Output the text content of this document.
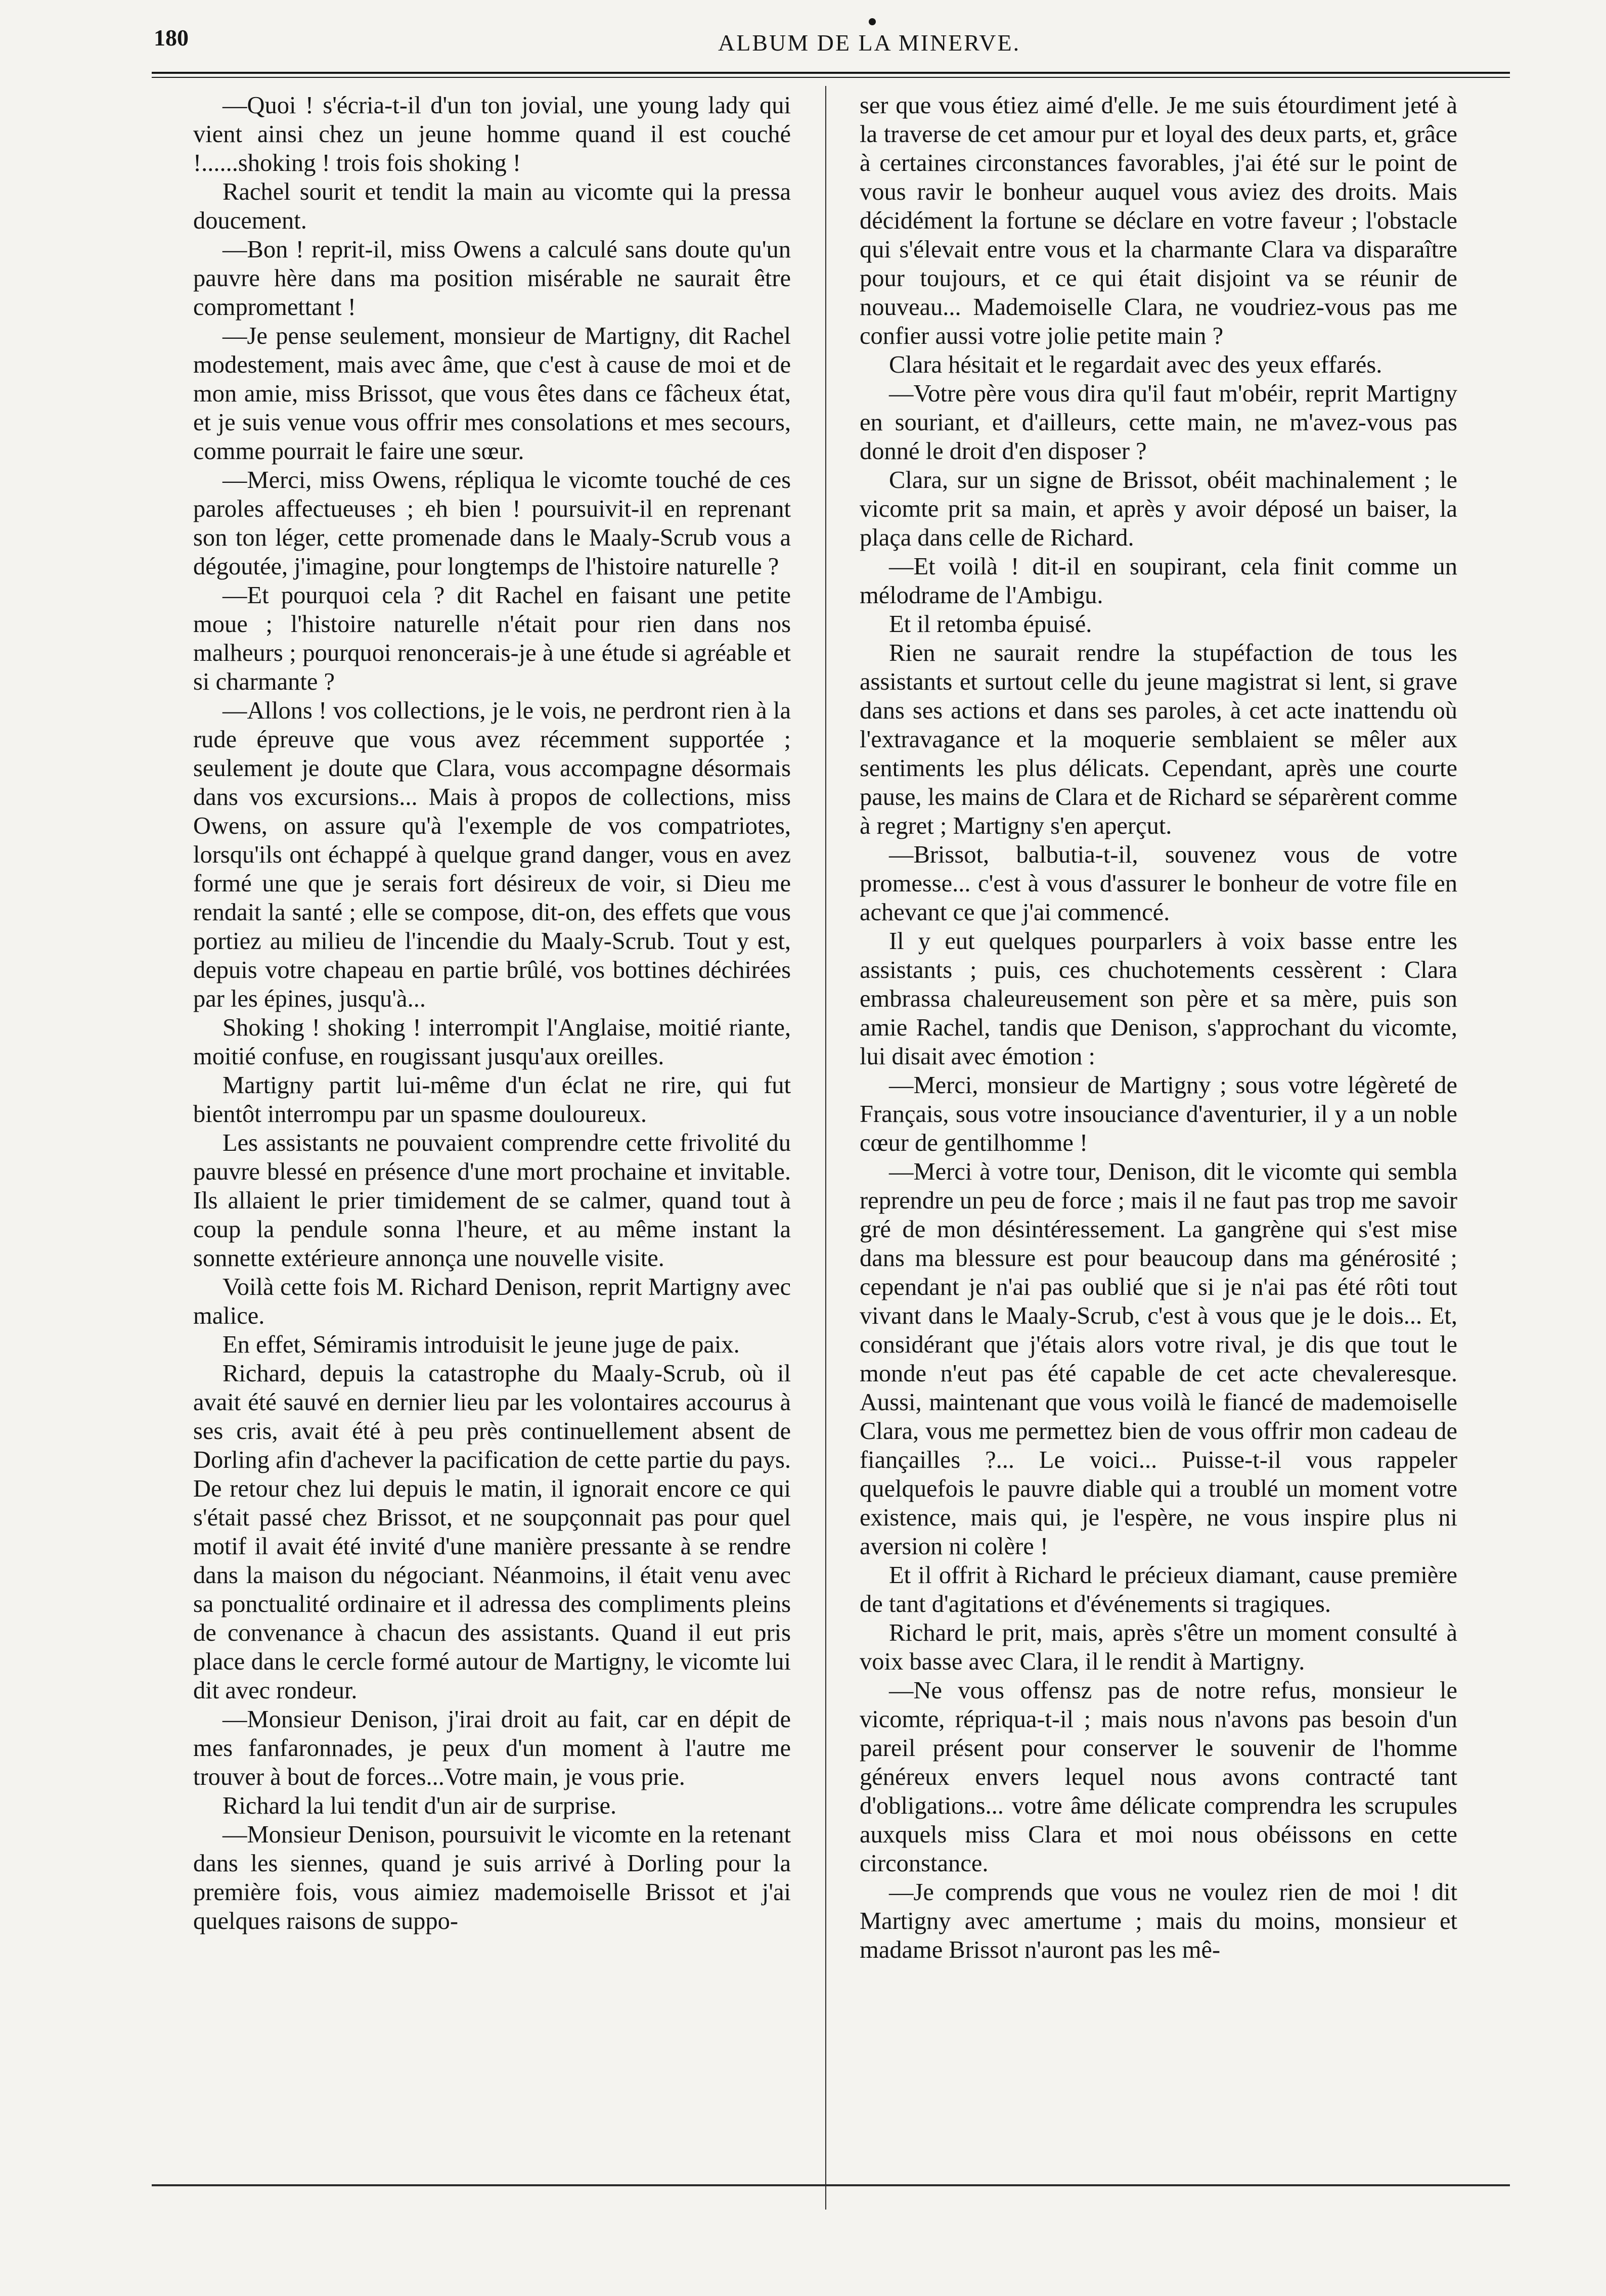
180	ALBUM DE LA MINERVE.

—Quoi ! s'écria-t-il d'un ton jovial, une young lady qui vient ainsi chez un jeune homme quand il est couché !......shoking ! trois fois shoking !

Rachel sourit et tendit la main au vicomte qui la pressa doucement.

—Bon ! reprit-il, miss Owens a calculé sans doute qu'un pauvre hère dans ma position misérable ne saurait être compromettant !

—Je pense seulement, monsieur de Martigny, dit Rachel modestement, mais avec âme, que c'est à cause de moi et de mon amie, miss Brissot, que vous êtes dans ce fâcheux état, et je suis venue vous offrir mes consolations et mes secours, comme pourrait le faire une sœur.

—Merci, miss Owens, répliqua le vicomte touché de ces paroles affectueuses ; eh bien ! poursuivit-il en reprenant son ton léger, cette promenade dans le Maaly-Scrub vous a dégoutée, j'imagine, pour longtemps de l'histoire naturelle ?

—Et pourquoi cela ? dit Rachel en faisant une petite moue ; l'histoire naturelle n'était pour rien dans nos malheurs ; pourquoi renoncerais-je à une étude si agréable et si charmante ?

—Allons ! vos collections, je le vois, ne perdront rien à la rude épreuve que vous avez récemment supportée ; seulement je doute que Clara, vous accompagne désormais dans vos excursions... Mais à propos de collections, miss Owens, on assure qu'à l'exemple de vos compatriotes, lorsqu'ils ont échappé à quelque grand danger, vous en avez formé une que je serais fort désireux de voir, si Dieu me rendait la santé ; elle se compose, dit-on, des effets que vous portiez au milieu de l'incendie du Maaly-Scrub. Tout y est, depuis votre chapeau en partie brûlé, vos bottines déchirées par les épines, jusqu'à...

Shoking ! shoking ! interrompit l'Anglaise, moitié riante, moitié confuse, en rougissant jusqu'aux oreilles.

Martigny partit lui-même d'un éclat ne rire, qui fut bientôt interrompu par un spasme douloureux.

Les assistants ne pouvaient comprendre cette frivolité du pauvre blessé en présence d'une mort prochaine et invitable. Ils allaient le prier timidement de se calmer, quand tout à coup la pendule sonna l'heure, et au même instant la sonnette extérieure annonça une nouvelle visite.

Voilà cette fois M. Richard Denison, reprit Martigny avec malice.

En effet, Sémiramis introduisit le jeune juge de paix.

Richard, depuis la catastrophe du Maaly-Scrub, où il avait été sauvé en dernier lieu par les volontaires accourus à ses cris, avait été à peu près continuellement absent de Dorling afin d'achever la pacification de cette partie du pays. De retour chez lui depuis le matin, il ignorait encore ce qui s'était passé chez Brissot, et ne soupçonnait pas pour quel motif il avait été invité d'une manière pressante à se rendre dans la maison du négociant. Néanmoins, il était venu avec sa ponctualité ordinaire et il adressa des compliments pleins de convenance à chacun des assistants. Quand il eut pris place dans le cercle formé autour de Martigny, le vicomte lui dit avec rondeur.

—Monsieur Denison, j'irai droit au fait, car en dépit de mes fanfaronnades, je peux d'un moment à l'autre me trouver à bout de forces...Votre main, je vous prie.

Richard la lui tendit d'un air de surprise.

—Monsieur Denison, poursuivit le vicomte en la retenant dans les siennes, quand je suis arrivé à Dorling pour la première fois, vous aimiez mademoiselle Brissot et j'ai quelques raisons de suppo-

ser que vous étiez aimé d'elle. Je me suis étourdiment jeté à la traverse de cet amour pur et loyal des deux parts, et, grâce à certaines circonstances favorables, j'ai été sur le point de vous ravir le bonheur auquel vous aviez des droits. Mais décidément la fortune se déclare en votre faveur ; l'obstacle qui s'élevait entre vous et la charmante Clara va disparaître pour toujours, et ce qui était disjoint va se réunir de nouveau... Mademoiselle Clara, ne voudriez-vous pas me confier aussi votre jolie petite main ?

Clara hésitait et le regardait avec des yeux effarés.

—Votre père vous dira qu'il faut m'obéir, reprit Martigny en souriant, et d'ailleurs, cette main, ne m'avez-vous pas donné le droit d'en disposer ?

Clara, sur un signe de Brissot, obéit machinalement ; le vicomte prit sa main, et après y avoir déposé un baiser, la plaça dans celle de Richard.

—Et voilà ! dit-il en soupirant, cela finit comme un mélodrame de l'Ambigu.

Et il retomba épuisé.

Rien ne saurait rendre la stupéfaction de tous les assistants et surtout celle du jeune magistrat si lent, si grave dans ses actions et dans ses paroles, à cet acte inattendu où l'extravagance et la moquerie semblaient se mêler aux sentiments les plus délicats. Cependant, après une courte pause, les mains de Clara et de Richard se séparèrent comme à regret ; Martigny s'en aperçut.

—Brissot, balbutia-t-il, souvenez vous de votre promesse... c'est à vous d'assurer le bonheur de votre file en achevant ce que j'ai commencé.

Il y eut quelques pourparlers à voix basse entre les assistants ; puis, ces chuchotements cessèrent : Clara embrassa chaleureusement son père et sa mère, puis son amie Rachel, tandis que Denison, s'approchant du vicomte, lui disait avec émotion :

—Merci, monsieur de Martigny ; sous votre légèreté de Français, sous votre insouciance d'aventurier, il y a un noble cœur de gentilhomme !

—Merci à votre tour, Denison, dit le vicomte qui sembla reprendre un peu de force ; mais il ne faut pas trop me savoir gré de mon désintéressement. La gangrène qui s'est mise dans ma blessure est pour beaucoup dans ma générosité ; cependant je n'ai pas oublié que si je n'ai pas été rôti tout vivant dans le Maaly-Scrub, c'est à vous que je le dois... Et, considérant que j'étais alors votre rival, je dis que tout le monde n'eut pas été capable de cet acte chevaleresque. Aussi, maintenant que vous voilà le fiancé de mademoiselle Clara, vous me permettez bien de vous offrir mon cadeau de fiançailles ?... Le voici... Puisse-t-il vous rappeler quelquefois le pauvre diable qui a troublé un moment votre existence, mais qui, je l'espère, ne vous inspire plus ni aversion ni colère !

Et il offrit à Richard le précieux diamant, cause première de tant d'agitations et d'événements si tragiques.

Richard le prit, mais, après s'être un moment consulté à voix basse avec Clara, il le rendit à Martigny.

—Ne vous offensz pas de notre refus, monsieur le vicomte, répriqua-t-il ; mais nous n'avons pas besoin d'un pareil présent pour conserver le souvenir de l'homme généreux envers lequel nous avons contracté tant d'obligations... votre âme délicate comprendra les scrupules auxquels miss Clara et moi nous obéissons en cette circonstance.

—Je comprends que vous ne voulez rien de moi ! dit Martigny avec amertume ; mais du moins, monsieur et madame Brissot n'auront pas les mê-
